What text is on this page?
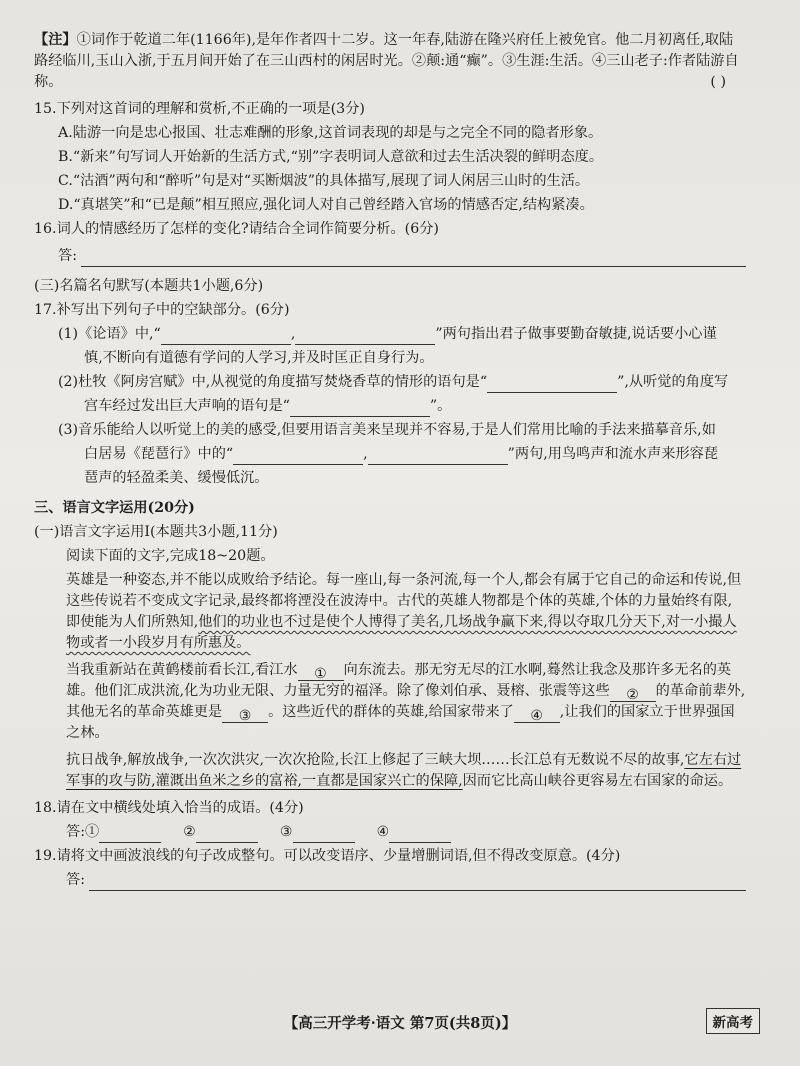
【注】①词作于乾道二年(1166年),是年作者四十二岁。这一年春,陆游在隆兴府任上被免官。他二月初离任,取陆路经临川,玉山入浙,于五月间开始了在三山西村的闲居时光。②颠:通“癫”。③生涯:生活。④三山老子:作者陆游自称。	( )

15.下列对这首词的理解和赏析,不正确的一项是(3分)

A.陆游一向是忠心报国、壮志难酬的形象,这首词表现的却是与之完全不同的隐者形象。

B.“新来”句写词人开始新的生活方式,“别”字表明词人意欲和过去生活决裂的鲜明态度。

C.“沽酒”两句和“醉听”句是对“买断烟波”的具体描写,展现了词人闲居三山时的生活。

D.“真堪笑”和“已是颠”相互照应,强化词人对自己曾经踏入官场的情感否定,结构紧凑。

16.词人的情感经历了怎样的变化?请结合全词作简要分析。(6分)

答:

(三)名篇名句默写(本题共1小题,6分)

17.补写出下列句子中的空缺部分。(6分)

(1)《论语》中,“	,	”两句指出君子做事要勤奋敏捷,说话要小心谨

慎,不断向有道德有学问的人学习,并及时匡正自身行为。

(2)杜牧《阿房宫赋》中,从视觉的角度描写焚烧香草的情形的语句是“	”,从听觉的角度写

宫车经过发出巨大声响的语句是“	”。

(3)音乐能给人以听觉上的美的感受,但要用语言美来呈现并不容易,于是人们常用比喻的手法来描摹音乐,如

白居易《琵琶行》中的“	,	”两句,用鸟鸣声和流水声来形容琵

琶声的轻盈柔美、缓慢低沉。

三、语言文字运用(20分)

(一)语言文字运用Ⅰ(本题共3小题,11分)

阅读下面的文字,完成18~20题。

英雄是一种姿态,并不能以成败给予结论。每一座山,每一条河流,每一个人,都会有属于它自己的命运和传说,但这些传说若不变成文字记录,最终都将湮没在波涛中。古代的英雄人物都是个体的英雄,个体的力量始终有限,即使能为人们所熟知,他们的功业也不过是使个人博得了美名,几场战争赢下来,得以夺取几分天下,对一小撮人物或者一小段岁月有所惠及。

当我重新站在黄鹤楼前看长江,看江水 ① 向东流去。那无穷无尽的江水啊,蓦然让我念及那许多无名的英雄。他们汇成洪流,化为功业无限、力量无穷的福泽。除了像刘伯承、聂榕、张震等这些 ② 的革命前辈外,其他无名的革命英雄更是 ③ 。这些近代的群体的英雄,给国家带来了 ④ ,让我们的国家立于世界强国之林。

抗日战争,解放战争,一次次洪灾,一次次抢险,长江上修起了三峡大坝……长江总有无数说不尽的故事,它左右过军事的攻与防,灌溉出鱼米之乡的富裕,一直都是国家兴亡的保障,因而它比高山峡谷更容易左右国家的命运。

18.请在文中横线处填入恰当的成语。(4分)

答:①	②	③	④

19.请将文中画波浪线的句子改成整句。可以改变语序、少量增删词语,但不得改变原意。(4分)

答:
【高三开学考·语文 第7页(共8页)】	新高考
